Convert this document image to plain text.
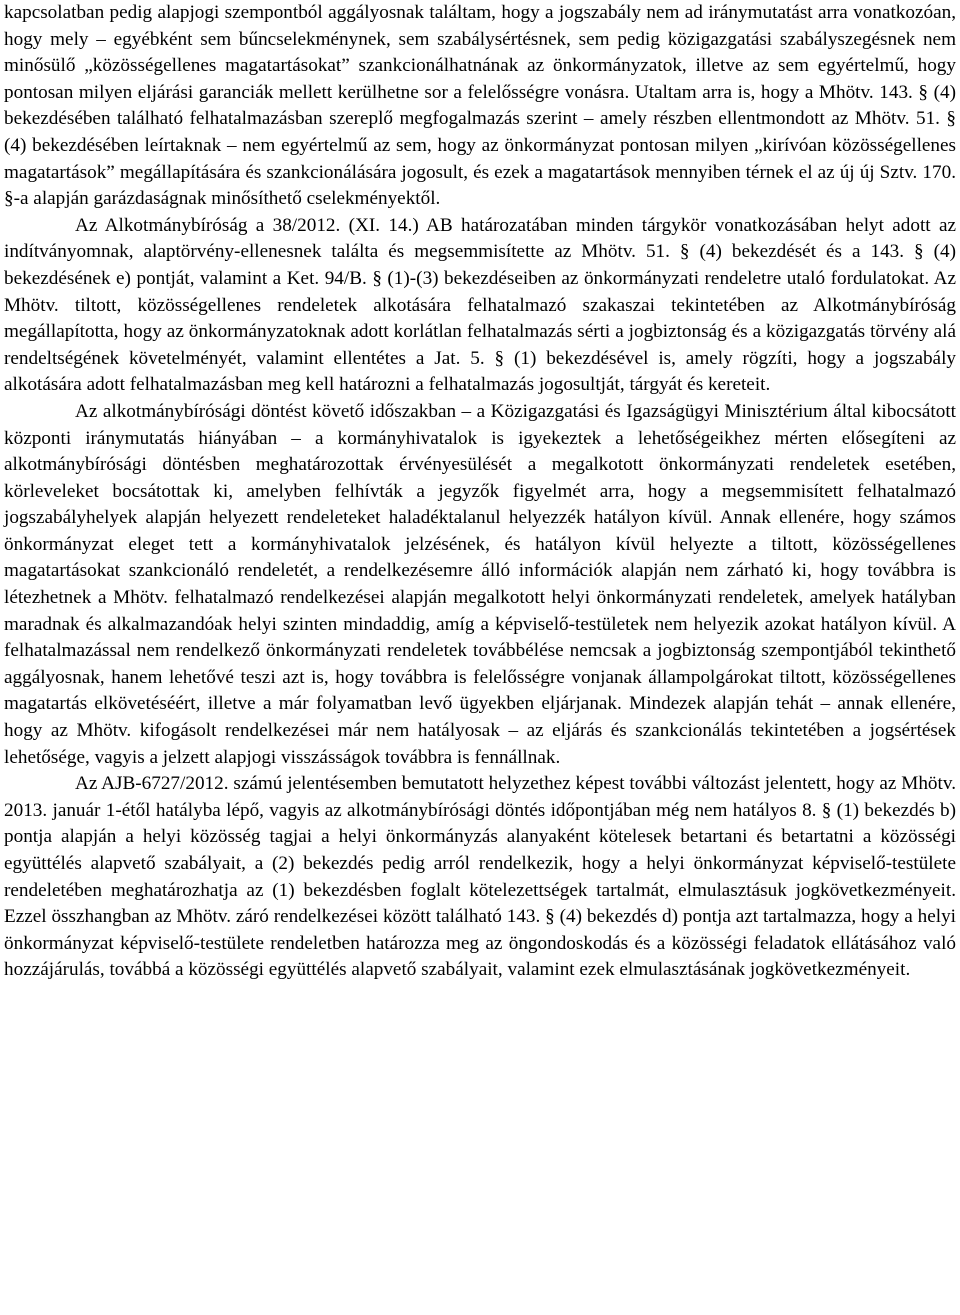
kapcsolatban pedig alapjogi szempontból aggályosnak találtam, hogy a jogszabály nem ad iránymutatást arra vonatkozóan, hogy mely – egyébként sem bűncselekménynek, sem szabálysértésnek, sem pedig közigazgatási szabályszegésnek nem minősülő „közösségellenes magatartásokat” szankcionálhatnának az önkormányzatok, illetve az sem egyértelmű, hogy pontosan milyen eljárási garanciák mellett kerülhetne sor a felelősségre vonásra. Utaltam arra is, hogy a Mhötv. 143. § (4) bekezdésében található felhatalmazásban szereplő megfogalmazás szerint – amely részben ellentmondott az Mhötv. 51. § (4) bekezdésében leírtaknak – nem egyértelmű az sem, hogy az önkormányzat pontosan milyen „kirívóan közösségellenes magatartások” megállapítására és szankcionálására jogosult, és ezek a magatartások mennyiben térnek el az új új Sztv. 170. §-a alapján garázdaságnak minősíthető cselekményektől.

Az Alkotmánybíróság a 38/2012. (XI. 14.) AB határozatában minden tárgykör vonatkozásában helyt adott az indítványomnak, alaptörvény-ellenesnek találta és megsemmisítette az Mhötv. 51. § (4) bekezdését és a 143. § (4) bekezdésének e) pontját, valamint a Ket. 94/B. § (1)-(3) bekezdéseiben az önkormányzati rendeletre utaló fordulatokat. Az Mhötv. tiltott, közösségellenes rendeletek alkotására felhatalmazó szakaszai tekintetében az Alkotmánybíróság megállapította, hogy az önkormányzatoknak adott korlátlan felhatalmazás sérti a jogbiztonság és a közigazgatás törvény alá rendeltségének követelményét, valamint ellentétes a Jat. 5. § (1) bekezdésével is, amely rögzíti, hogy a jogszabály alkotására adott felhatalmazásban meg kell határozni a felhatalmazás jogosultját, tárgyát és kereteit.

Az alkotmánybírósági döntést követő időszakban – a Közigazgatási és Igazságügyi Minisztérium által kibocsátott központi iránymutatás hiányában – a kormányhivatalok is igyekeztek a lehetőségeikhez mérten elősegíteni az alkotmánybírósági döntésben meghatározottak érvényesülését a megalkotott önkormányzati rendeletek esetében, körleveleket bocsátottak ki, amelyben felhívták a jegyzők figyelmét arra, hogy a megsemmisített felhatalmazó jogszabályhelyek alapján helyezett rendeleteket haladéktalanul helyezzék hatályon kívül. Annak ellenére, hogy számos önkormányzat eleget tett a kormányhivatalok jelzésének, és hatályon kívül helyezte a tiltott, közösségellenes magatartásokat szankcionáló rendeletét, a rendelkezésemre álló információk alapján nem zárható ki, hogy továbbra is létezhetnek a Mhötv. felhatalmazó rendelkezései alapján megalkotott helyi önkormányzati rendeletek, amelyek hatályban maradnak és alkalmazandóak helyi szinten mindaddig, amíg a képviselő-testületek nem helyezik azokat hatályon kívül. A felhatalmazással nem rendelkező önkormányzati rendeletek továbbélése nemcsak a jogbiztonság szempontjából tekinthető aggályosnak, hanem lehetővé teszi azt is, hogy továbbra is felelősségre vonjanak állampolgárokat tiltott, közösségellenes magatartás elkövetéséért, illetve a már folyamatban levő ügyekben eljárjanak. Mindezek alapján tehát – annak ellenére, hogy az Mhötv. kifogásolt rendelkezései már nem hatályosak – az eljárás és szankcionálás tekintetében a jogsértések lehetősége, vagyis a jelzett alapjogi visszásságok továbbra is fennállnak.

Az AJB-6727/2012. számú jelentésemben bemutatott helyzethez képest további változást jelentett, hogy az Mhötv. 2013. január 1-étől hatályba lépő, vagyis az alkotmánybírósági döntés időpontjában még nem hatályos 8. § (1) bekezdés b) pontja alapján a helyi közösség tagjai a helyi önkormányzás alanyaként kötelesek betartani és betartatni a közösségi együttélés alapvető szabályait, a (2) bekezdés pedig arról rendelkezik, hogy a helyi önkormányzat képviselő-testülete rendeletében meghatározhatja az (1) bekezdésben foglalt kötelezettségek tartalmát, elmulasztásuk jogkövetkezményeit. Ezzel összhangban az Mhötv. záró rendelkezései között található 143. § (4) bekezdés d) pontja azt tartalmazza, hogy a helyi önkormányzat képviselő-testülete rendeletben határozza meg az öngondoskodás és a közösségi feladatok ellátásához való hozzájárulás, továbbá a közösségi együttélés alapvető szabályait, valamint ezek elmulasztásának jogkövetkezményeit.
